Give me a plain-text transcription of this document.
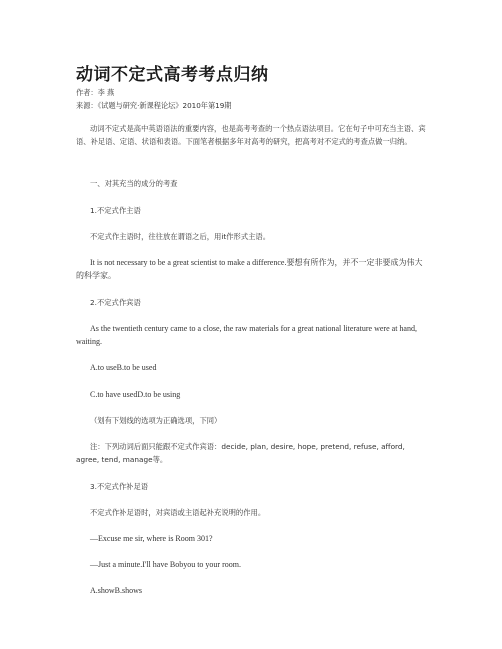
动词不定式高考考点归纳
作者：李 燕
来源：《试题与研究·新课程论坛》2010年第19期

动词不定式是高中英语语法的重要内容，也是高考考查的一个热点语法项目。它在句子中可充当主语、宾语、补足语、定语、状语和表语。下面笔者根据多年对高考的研究，把高考对不定式的考查点做一归纳。

一、对其充当的成分的考查

1.不定式作主语

不定式作主语时，往往放在谓语之后，用it作形式主语。

It is not necessary to be a great scientist to make a difference.要想有所作为，并不一定非要成为伟大的科学家。

2.不定式作宾语

As the twentieth century came to a close, the raw materials for a great national literature were at hand, waiting.

A.to useB.to be used

C.to have usedD.to be using

（划有下划线的选项为正确选项，下同）

注：下列动词后面只能跟不定式作宾语：decide, plan, desire, hope, pretend, refuse, afford, agree, tend, manage等。

3.不定式作补足语

不定式作补足语时，对宾语或主语起补充说明的作用。

—Excuse me sir, where is Room 301?

—Just a minute.I'll have Bobyou to your room.

A.showB.shows
